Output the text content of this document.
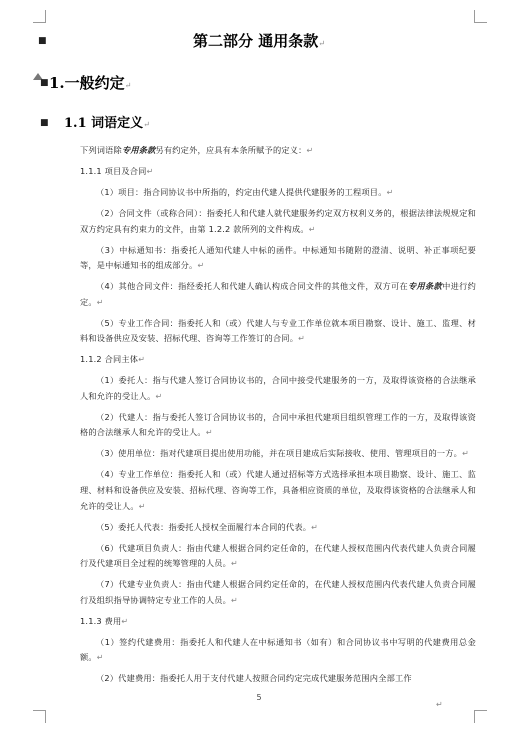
■	第二部分 通用条款↵
■ 1.一般约定↵
■ 1.1 词语定义↵

下列词语除专用条款另有约定外，应具有本条所赋予的定义：↵

1.1.1 项目及合同↵

（1）项目：指合同协议书中所指的，约定由代建人提供代建服务的工程项目。↵

（2）合同文件（或称合同）：指委托人和代建人就代建服务约定双方权利义务的，根据法律法规规定和双方约定具有约束力的文件，由第 1.2.2 款所列的文件构成。↵

（3）中标通知书：指委托人通知代建人中标的函件。中标通知书随附的澄清、说明、补正事项纪要等，是中标通知书的组成部分。↵

（4）其他合同文件：指经委托人和代建人确认构成合同文件的其他文件，双方可在专用条款中进行约定。↵

（5）专业工作合同：指委托人和（或）代建人与专业工作单位就本项目勘察、设计、施工、监理、材料和设备供应及安装、招标代理、咨询等工作签订的合同。↵

1.1.2 合同主体↵

（1）委托人：指与代建人签订合同协议书的，合同中接受代建服务的一方，及取得该资格的合法继承人和允许的受让人。↵

（2）代建人：指与委托人签订合同协议书的，合同中承担代建项目组织管理工作的一方，及取得该资格的合法继承人和允许的受让人。↵

（3）使用单位：指对代建项目提出使用功能，并在项目建成后实际接收、使用、管理项目的一方。↵

（4）专业工作单位：指委托人和（或）代建人通过招标等方式选择承担本项目勘察、设计、施工、监理、材料和设备供应及安装、招标代理、咨询等工作，具备相应资质的单位，及取得该资格的合法继承人和允许的受让人。↵

（5）委托人代表：指委托人授权全面履行本合同的代表。↵

（6）代建项目负责人：指由代建人根据合同约定任命的，在代建人授权范围内代表代建人负责合同履行及代建项目全过程的统筹管理的人员。↵

（7）代建专业负责人：指由代建人根据合同约定任命的，在代建人授权范围内代表代建人负责合同履行及组织指导协调特定专业工作的人员。↵

1.1.3 费用↵

（1）签约代建费用：指委托人和代建人在中标通知书（如有）和合同协议书中写明的代建费用总金额。↵

（2）代建费用：指委托人用于支付代建人按照合同约定完成代建服务范围内全部工作

5
↵
